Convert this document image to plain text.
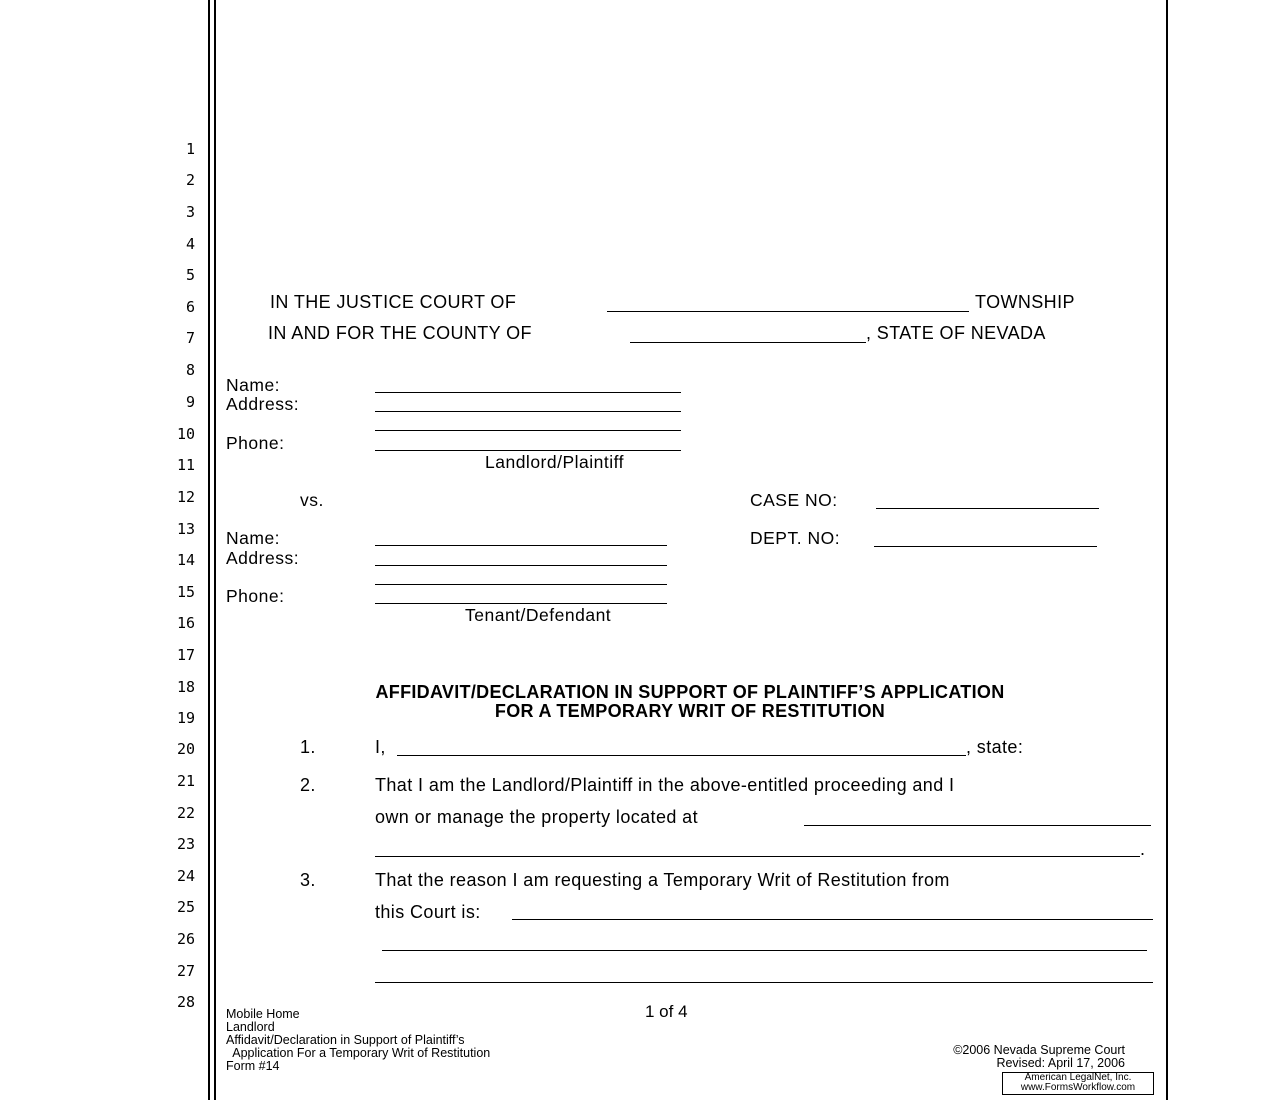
1
2
3
4
5
6
7
8
9
10
11
12
13
14
15
16
17
18
19
20
21
22
23
24
25
26
27
28
IN THE JUSTICE COURT OF	TOWNSHIP
IN AND FOR THE COUNTY OF	, STATE OF NEVADA
Name:
Address:
Phone:
Landlord/Plaintiff
vs.	CASE NO:
DEPT. NO:
Name:
Address:
Phone:
Tenant/Defendant
AFFIDAVIT/DECLARATION IN SUPPORT OF PLAINTIFF’S APPLICATION
FOR A TEMPORARY WRIT OF RESTITUTION
1.	I,	, state:
2.	That I am the Landlord/Plaintiff in the above-entitled proceeding and I
own or manage the property located at
.
3.	That the reason I am requesting a Temporary Writ of Restitution from
this Court is:
Mobile Home
Landlord
Affidavit/Declaration in Support of Plaintiff’s
Application For a Temporary Writ of Restitution
Form #14
1 of 4
©2006 Nevada Supreme Court
Revised: April 17, 2006
American LegalNet, Inc.
www.FormsWorkflow.com
